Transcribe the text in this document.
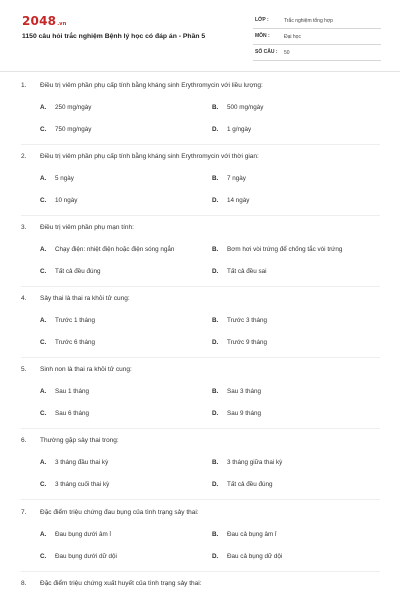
2048.vn
1150 câu hỏi trắc nghiệm Bệnh lý học có đáp án - Phần 5
LỚP :	Trắc nghiệm tổng hợp
MÔN :	Đại học
SỐ CÂU : 50
1. Điều trị viêm phần phụ cấp tính bằng kháng sinh Erythromycin với liều lượng:
A. 250 mg/ngày	B. 500 mg/ngày
C. 750 mg/ngày	D. 1 g/ngày
2. Điều trị viêm phần phụ cấp tính bằng kháng sinh Erythromycin với thời gian:
A. 5 ngày	B. 7 ngày
C. 10 ngày	D. 14 ngày
3. Điều trị viêm phần phụ mạn tính:
A. Chạy điện: nhiệt điện hoặc điện sóng ngắn	B. Bơm hơi vòi trứng để chống tắc vòi trứng
C. Tất cả đều đúng	D. Tất cả đều sai
4. Sảy thai là thai ra khỏi tử cung:
A. Trước 1 tháng	B. Trước 3 tháng
C. Trước 6 tháng	D. Trước 9 tháng
5. Sinh non là thai ra khỏi tử cung:
A. Sau 1 tháng	B. Sau 3 tháng
C. Sau 6 tháng	D. Sau 9 tháng
6. Thường gặp sảy thai trong:
A. 3 tháng đầu thai kỳ	B. 3 tháng giữa thai kỳ
C. 3 tháng cuối thai kỳ	D. Tất cả đều đúng
7. Đặc điểm triệu chứng đau bụng của tình trạng sảy thai:
A. Đau bụng dưới âm ỉ	B. Đau cả bụng âm ỉ
C. Đau bụng dưới dữ dội	D. Đau cả bụng dữ dội
8. Đặc điểm triệu chứng xuất huyết của tình trạng sảy thai:
